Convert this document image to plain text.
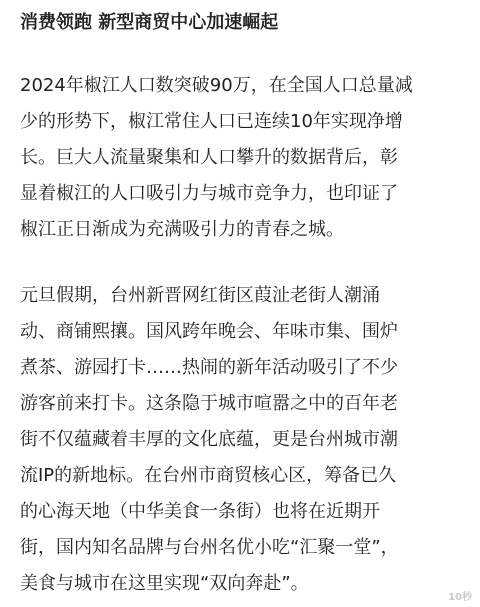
消费领跑 新型商贸中心加速崛起

2024年椒江人口数突破90万，在全国人口总量减
少的形势下，椒江常住人口已连续10年实现净增
长。巨大人流量聚集和人口攀升的数据背后，彰
显着椒江的人口吸引力与城市竞争力，也印证了
椒江正日渐成为充满吸引力的青春之城。

元旦假期，台州新晋网红街区葭沚老街人潮涌
动、商铺熙攘。国风跨年晚会、年味市集、围炉
煮茶、游园打卡……热闹的新年活动吸引了不少
游客前来打卡。这条隐于城市喧嚣之中的百年老
街不仅蕴藏着丰厚的文化底蕴，更是台州城市潮
流IP的新地标。在台州市商贸核心区，筹备已久
的心海天地（中华美食一条街）也将在近期开
街，国内知名品牌与台州名优小吃“汇聚一堂”，
美食与城市在这里实现“双向奔赴”。

10秒
